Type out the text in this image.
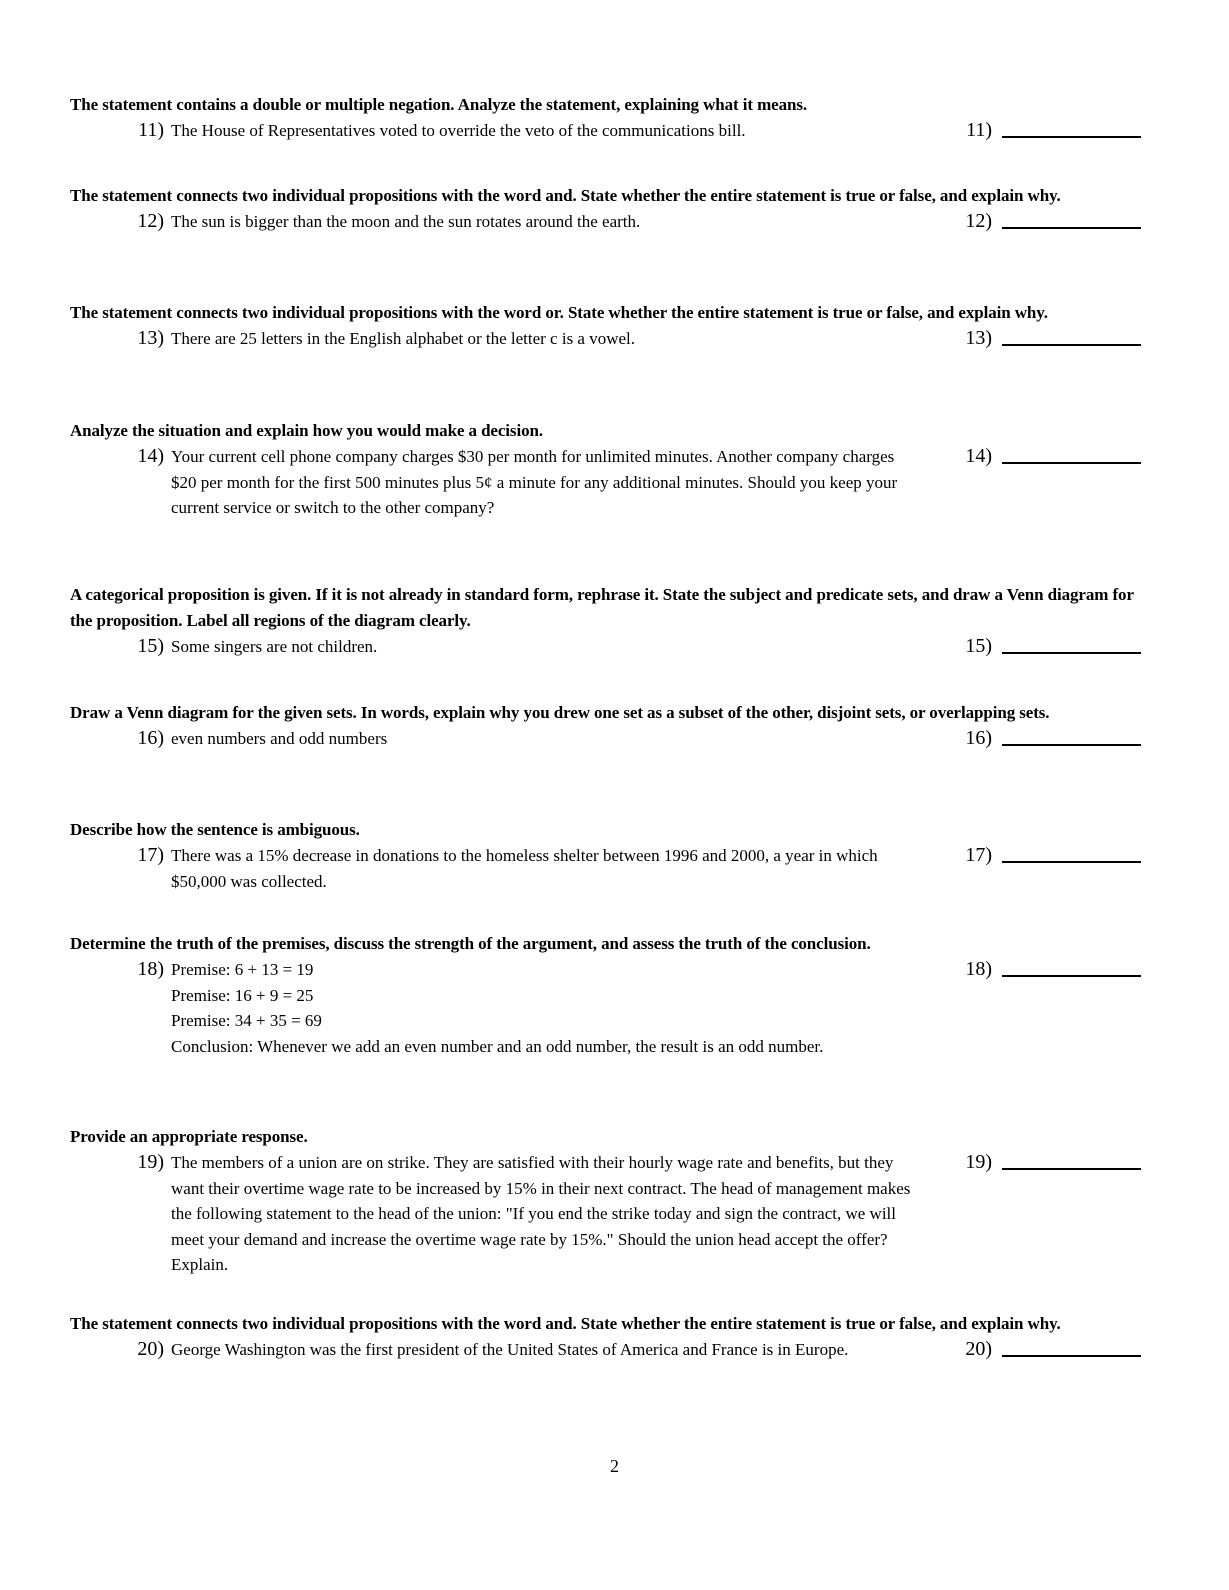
The statement contains a double or multiple negation. Analyze the statement, explaining what it means.

11) The House of Representatives voted to override the veto of the communications bill.	11)

The statement connects two individual propositions with the word and. State whether the entire statement is true or false, and explain why.

12) The sun is bigger than the moon and the sun rotates around the earth.	12)

The statement connects two individual propositions with the word or. State whether the entire statement is true or false, and explain why.

13) There are 25 letters in the English alphabet or the letter c is a vowel.	13)

Analyze the situation and explain how you would make a decision.

14) Your current cell phone company charges $30 per month for unlimited minutes. Another company charges $20 per month for the first 500 minutes plus 5¢ a minute for any additional minutes. Should you keep your current service or switch to the other company?
14)

A categorical proposition is given. If it is not already in standard form, rephrase it. State the subject and predicate sets, and draw a Venn diagram for the proposition. Label all regions of the diagram clearly.

15) Some singers are not children.	15)

Draw a Venn diagram for the given sets. In words, explain why you drew one set as a subset of the other, disjoint sets, or overlapping sets.

16) even numbers and odd numbers	16)

Describe how the sentence is ambiguous.

17) There was a 15% decrease in donations to the homeless shelter between 1996 and 2000, a year in which $50,000 was collected.
17)

Determine the truth of the premises, discuss the strength of the argument, and assess the truth of the conclusion.

18) Premise: 6 + 13 = 19
Premise: 16 + 9 = 25
Premise: 34 + 35 = 69
Conclusion: Whenever we add an even number and an odd number, the result is an odd number.
18)

Provide an appropriate response.

19) The members of a union are on strike. They are satisfied with their hourly wage rate and benefits, but they want their overtime wage rate to be increased by 15% in their next contract. The head of management makes the following statement to the head of the union: "If you end the strike today and sign the contract, we will meet your demand and increase the overtime wage rate by 15%." Should the union head accept the offer? Explain.
19)

The statement connects two individual propositions with the word and. State whether the entire statement is true or false, and explain why.

20) George Washington was the first president of the United States of America and France is in Europe.	20)
2
